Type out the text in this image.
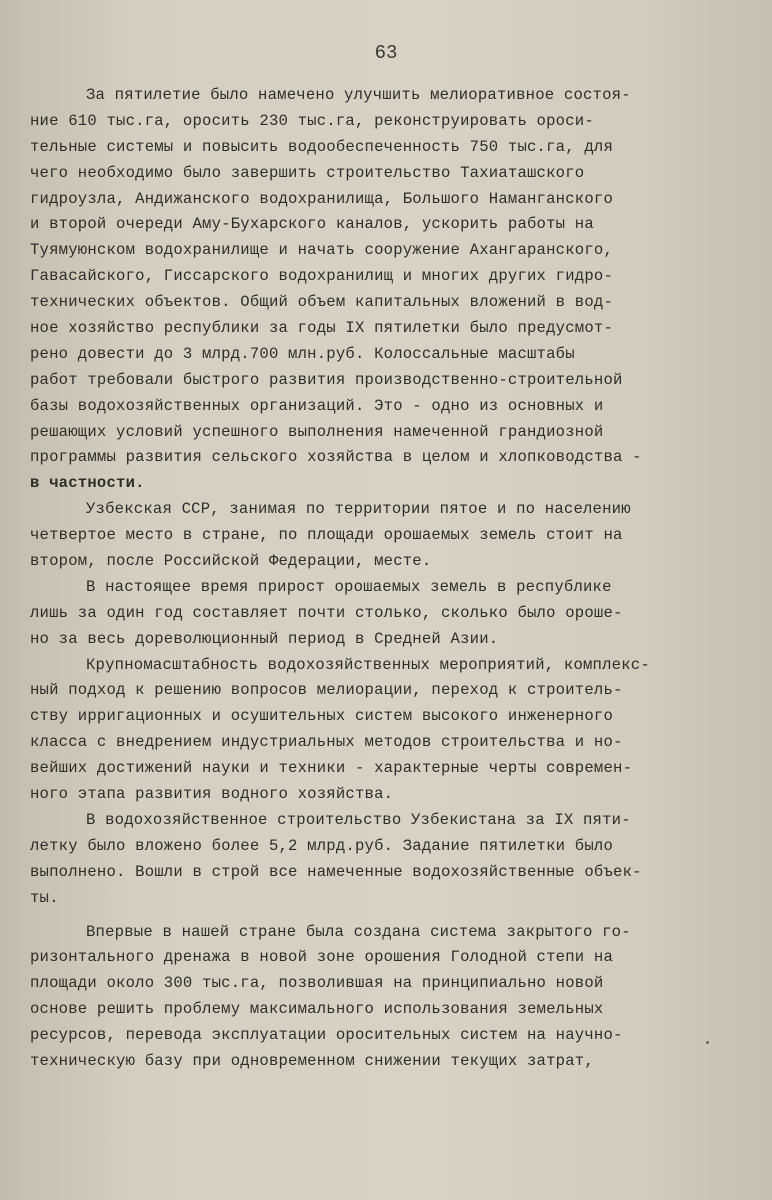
63
За пятилетие было намечено улучшить мелиоративное состоя-
ние 610 тыс.га, оросить 230 тыс.га, реконструировать ороси-
тельные системы и повысить водообеспеченность 750 тыс.га, для
чего необходимо было завершить строительство Тахиаташского
гидроузла, Андижанского водохранилища, Большого Наманганского
и второй очереди Аму-Бухарского каналов, ускорить работы на
Туямуюнском водохранилище и начать сооружение Ахангаранского,
Гавасайского, Гиссарского водохранилищ и многих других гидро-
технических объектов. Общий объем капитальных вложений в вод-
ное хозяйство республики за годы IX пятилетки было предусмот-
рено довести до 3 млрд.700 млн.руб. Колоссальные масштабы
работ требовали быстрого развития производственно-строительной
базы водохозяйственных организаций. Это - одно из основных и
решающих условий успешного выполнения намеченной грандиозной
программы развития сельского хозяйства в целом и хлопководства -
в частности.
Узбекская ССР, занимая по территории пятое и по населению
четвертое место в стране, по площади орошаемых земель стоит на
втором, после Российской Федерации, месте.
В настоящее время прирост орошаемых земель в республике
лишь за один год составляет почти столько, сколько было ороше-
но за весь дореволюционный период в Средней Азии.
Крупномасштабность водохозяйственных мероприятий, комплекс-
ный подход к решению вопросов мелиорации, переход к строитель-
ству ирригационных и осушительных систем высокого инженерного
класса с внедрением индустриальных методов строительства и но-
вейших достижений науки и техники - характерные черты современ-
ного этапа развития водного хозяйства.
В водохозяйственное строительство Узбекистана за IX пяти-
летку было вложено более 5,2 млрд.руб. Задание пятилетки было
выполнено. Вошли в строй все намеченные водохозяйственные объек-
ты.
Впервые в нашей стране была создана система закрытого го-
ризонтального дренажа в новой зоне орошения Голодной степи на
площади около 300 тыс.га, позволившая на принципиально новой
основе решить проблему максимального использования земельных
ресурсов, перевода эксплуатации оросительных систем на научно-
техническую базу при одновременном снижении текущих затрат,
